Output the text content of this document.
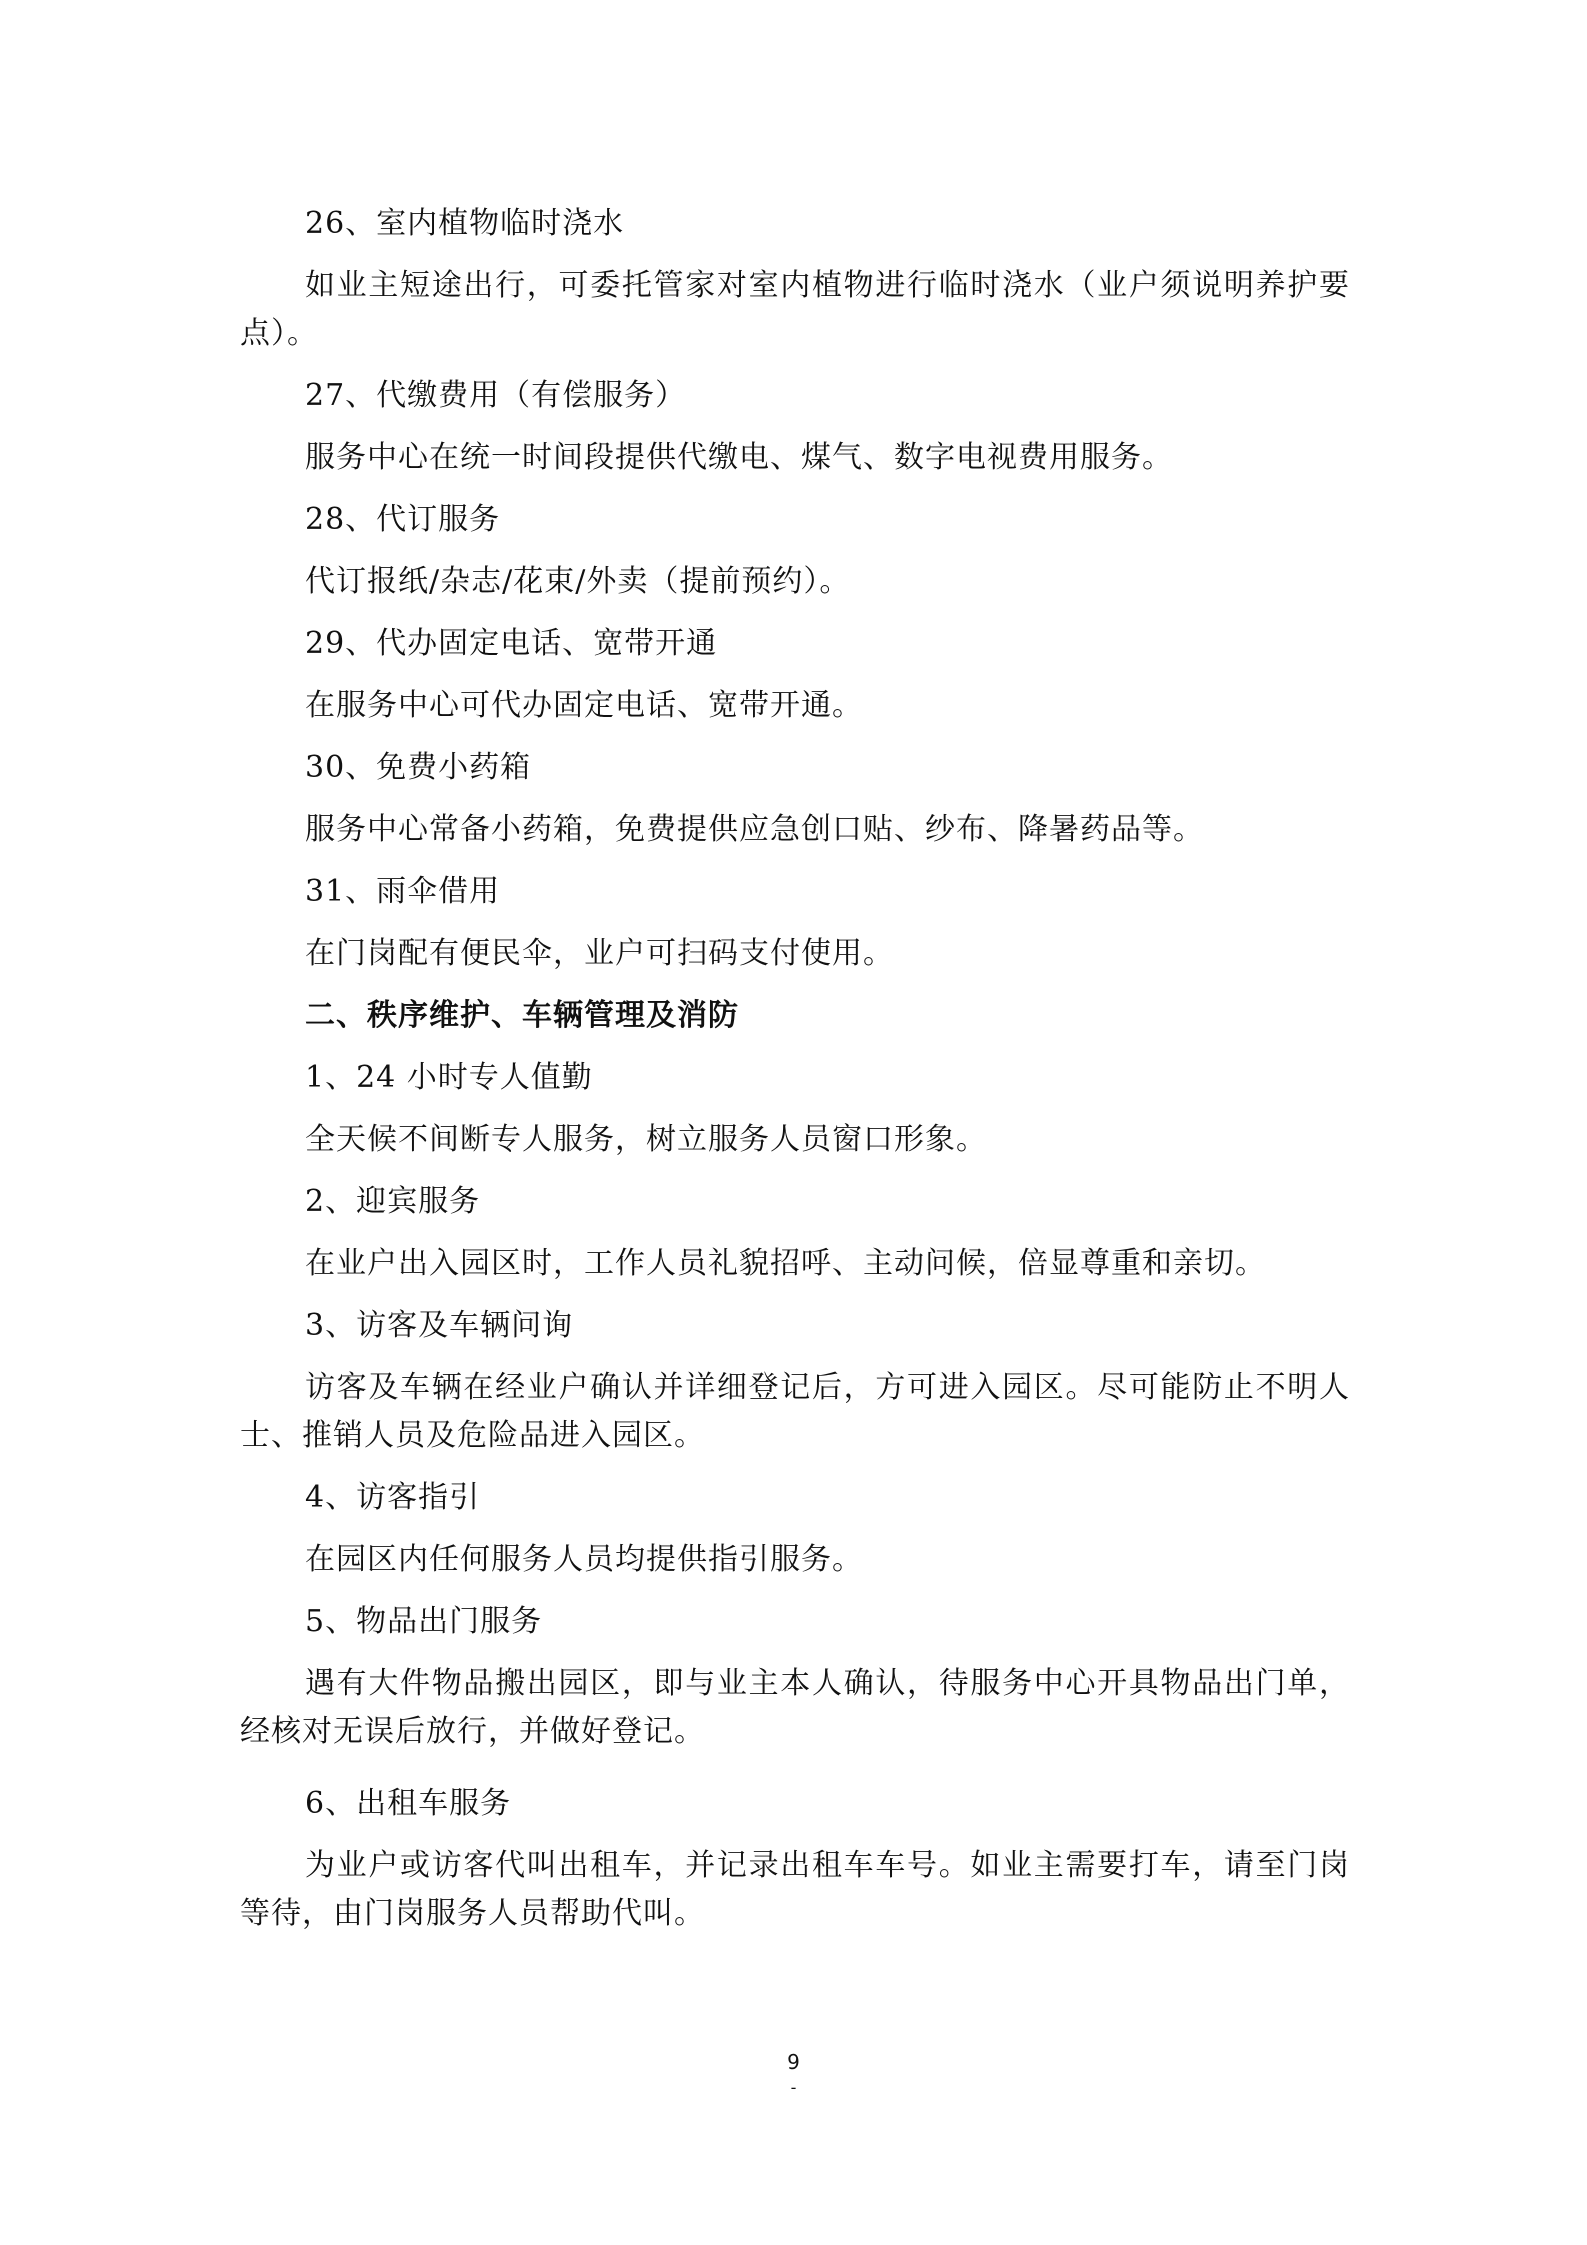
26、室内植物临时浇水

如业主短途出行，可委托管家对室内植物进行临时浇水（业户须说明养护要点）。

27、代缴费用（有偿服务）

服务中心在统一时间段提供代缴电、煤气、数字电视费用服务。

28、代订服务

代订报纸/杂志/花束/外卖（提前预约）。

29、代办固定电话、宽带开通

在服务中心可代办固定电话、宽带开通。

30、免费小药箱

服务中心常备小药箱，免费提供应急创口贴、纱布、降暑药品等。

31、雨伞借用

在门岗配有便民伞，业户可扫码支付使用。

二、秩序维护、车辆管理及消防
1、24 小时专人值勤

全天候不间断专人服务，树立服务人员窗口形象。

2、迎宾服务

在业户出入园区时，工作人员礼貌招呼、主动问候，倍显尊重和亲切。

3、访客及车辆问询

访客及车辆在经业户确认并详细登记后，方可进入园区。尽可能防止不明人士、推销人员及危险品进入园区。

4、访客指引

在园区内任何服务人员均提供指引服务。

5、物品出门服务

遇有大件物品搬出园区，即与业主本人确认，待服务中心开具物品出门单，经核对无误后放行，并做好登记。

6、出租车服务

为业户或访客代叫出租车，并记录出租车车号。如业主需要打车，请至门岗等待，由门岗服务人员帮助代叫。

9
-
